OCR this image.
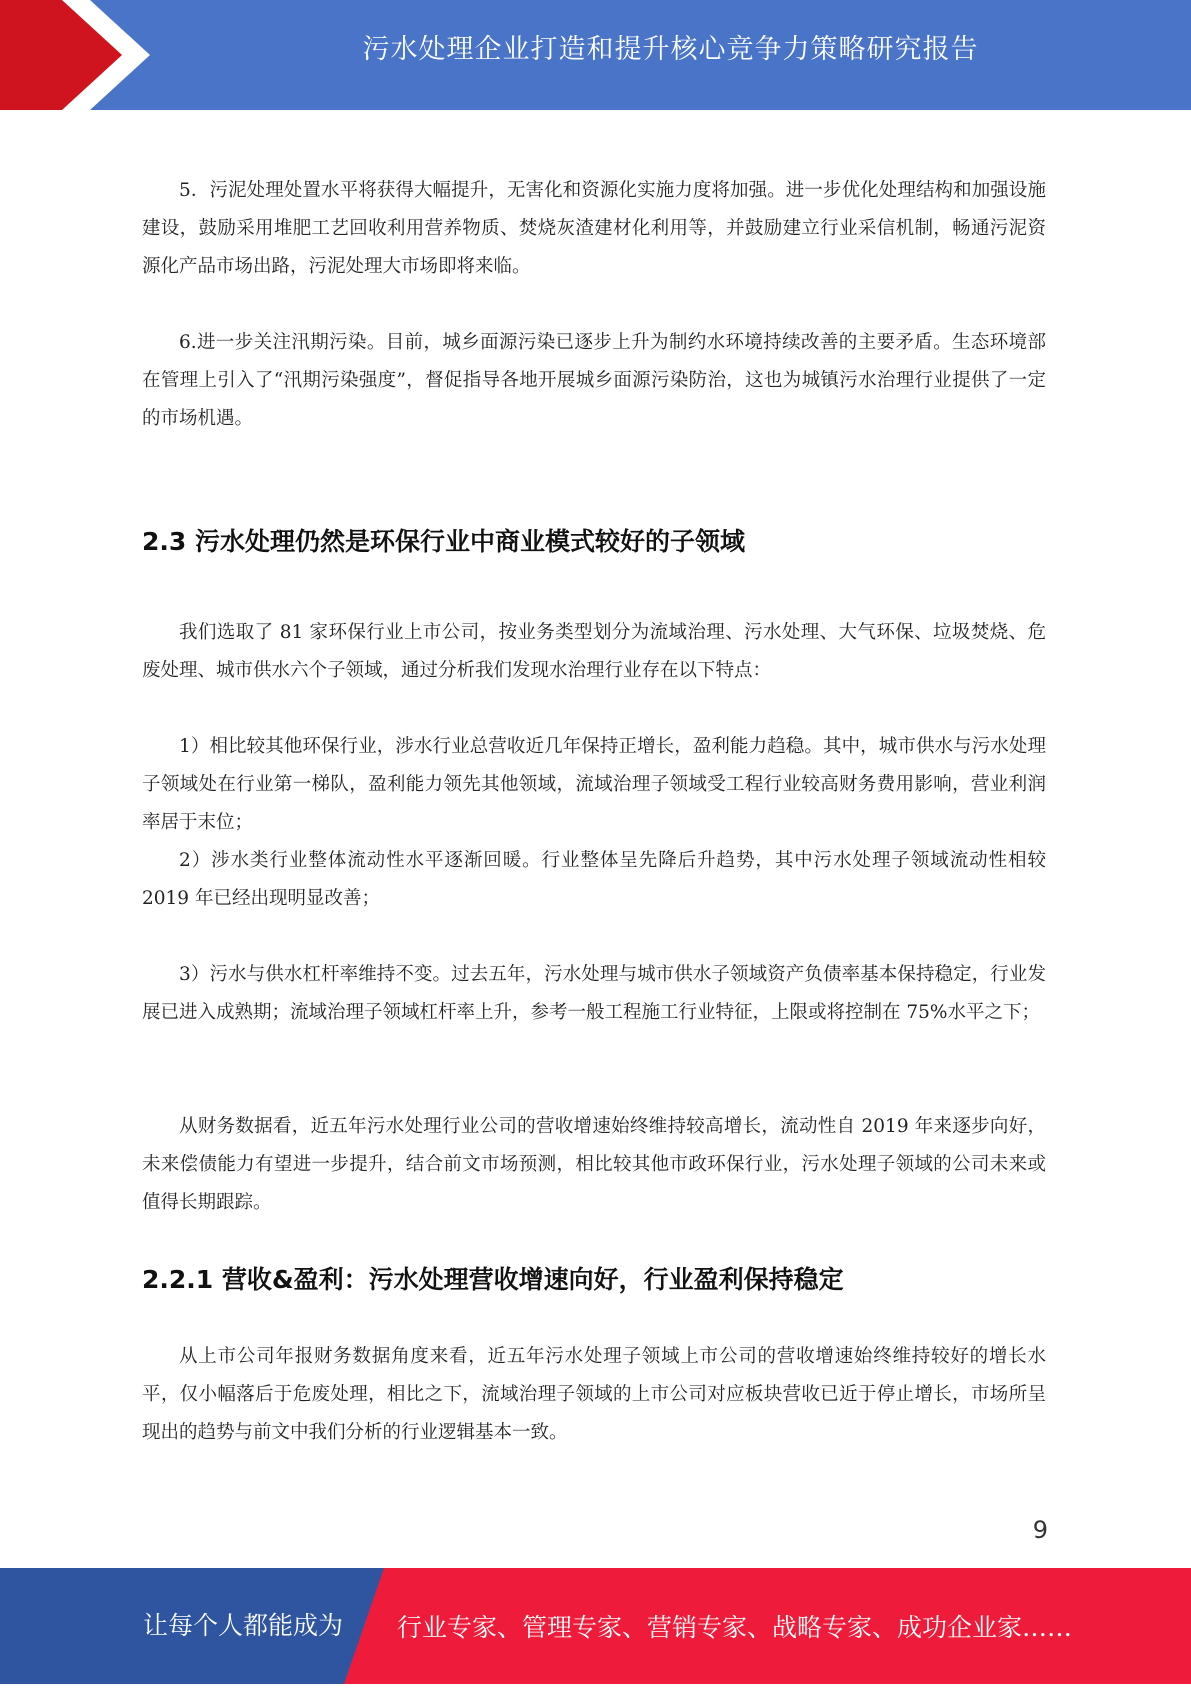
污水处理企业打造和提升核心竞争力策略研究报告

5．污泥处理处置水平将获得大幅提升，无害化和资源化实施力度将加强。进一步优化处理结构和加强设施建设，鼓励采用堆肥工艺回收利用营养物质、焚烧灰渣建材化利用等，并鼓励建立行业采信机制，畅通污泥资源化产品市场出路，污泥处理大市场即将来临。

6.进一步关注汛期污染。目前，城乡面源污染已逐步上升为制约水环境持续改善的主要矛盾。生态环境部在管理上引入了“汛期污染强度”，督促指导各地开展城乡面源污染防治，这也为城镇污水治理行业提供了一定的市场机遇。

2.3 污水处理仍然是环保行业中商业模式较好的子领域

我们选取了 81 家环保行业上市公司，按业务类型划分为流域治理、污水处理、大气环保、垃圾焚烧、危废处理、城市供水六个子领域，通过分析我们发现水治理行业存在以下特点：

1）相比较其他环保行业，涉水行业总营收近几年保持正增长，盈利能力趋稳。其中，城市供水与污水处理子领域处在行业第一梯队，盈利能力领先其他领域，流域治理子领域受工程行业较高财务费用影响，营业利润率居于末位；

2）涉水类行业整体流动性水平逐渐回暖。行业整体呈先降后升趋势，其中污水处理子领域流动性相较 2019 年已经出现明显改善；

3）污水与供水杠杆率维持不变。过去五年，污水处理与城市供水子领域资产负债率基本保持稳定，行业发展已进入成熟期；流域治理子领域杠杆率上升，参考一般工程施工行业特征，上限或将控制在 75%水平之下；

从财务数据看，近五年污水处理行业公司的营收增速始终维持较高增长，流动性自 2019 年来逐步向好，未来偿债能力有望进一步提升，结合前文市场预测，相比较其他市政环保行业，污水处理子领域的公司未来或值得长期跟踪。

2.2.1 营收&盈利：污水处理营收增速向好，行业盈利保持稳定

从上市公司年报财务数据角度来看，近五年污水处理子领域上市公司的营收增速始终维持较好的增长水平，仅小幅落后于危废处理，相比之下，流域治理子领域的上市公司对应板块营收已近于停止增长，市场所呈现出的趋势与前文中我们分析的行业逻辑基本一致。

9
让每个人都能成为 行业专家、管理专家、营销专家、战略专家、成功企业家……
